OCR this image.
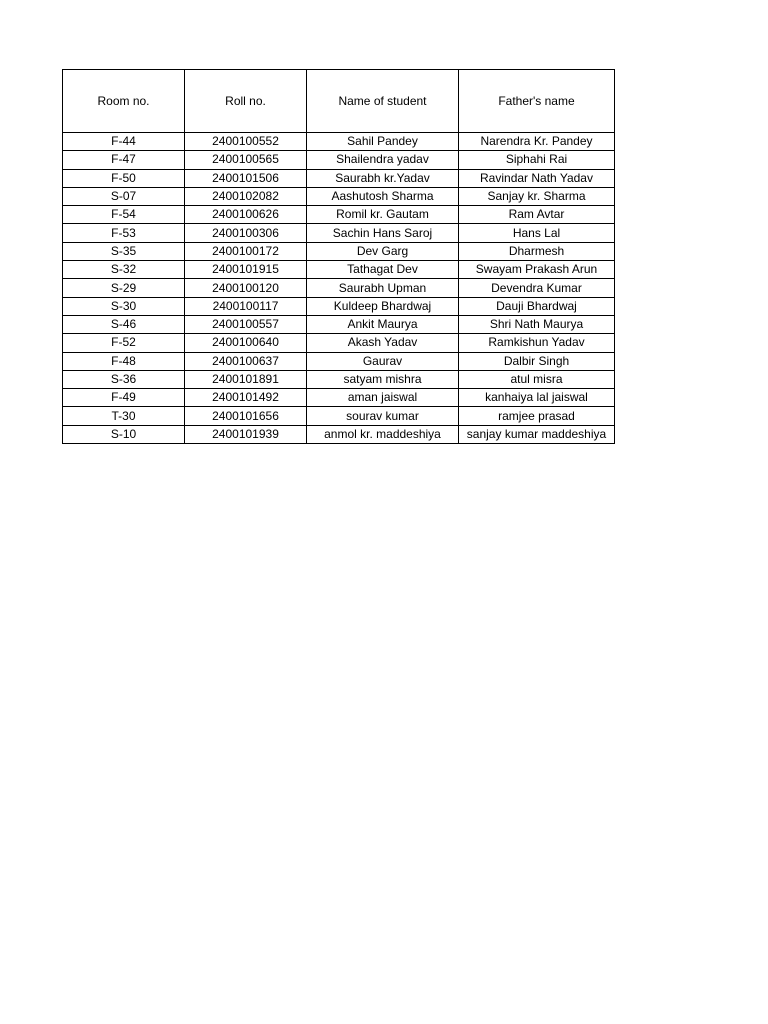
Room no.	Roll no.	Name of student	Father's name
F-44	2400100552	Sahil Pandey	Narendra Kr. Pandey
F-47	2400100565	Shailendra yadav	Siphahi Rai
F-50	2400101506	Saurabh kr.Yadav	Ravindar Nath Yadav
S-07	2400102082	Aashutosh Sharma	Sanjay kr. Sharma
F-54	2400100626	Romil kr. Gautam	Ram Avtar
F-53	2400100306	Sachin Hans Saroj	Hans Lal
S-35	2400100172	Dev Garg	Dharmesh
S-32	2400101915	Tathagat Dev	Swayam Prakash Arun
S-29	2400100120	Saurabh Upman	Devendra Kumar
S-30	2400100117	Kuldeep Bhardwaj	Dauji Bhardwaj
S-46	2400100557	Ankit Maurya	Shri Nath Maurya
F-52	2400100640	Akash Yadav	Ramkishun Yadav
F-48	2400100637	Gaurav	Dalbir Singh
S-36	2400101891	satyam mishra	atul misra
F-49	2400101492	aman jaiswal	kanhaiya lal jaiswal
T-30	2400101656	sourav kumar	ramjee prasad
S-10	2400101939	anmol kr. maddeshiya	sanjay kumar maddeshiya
